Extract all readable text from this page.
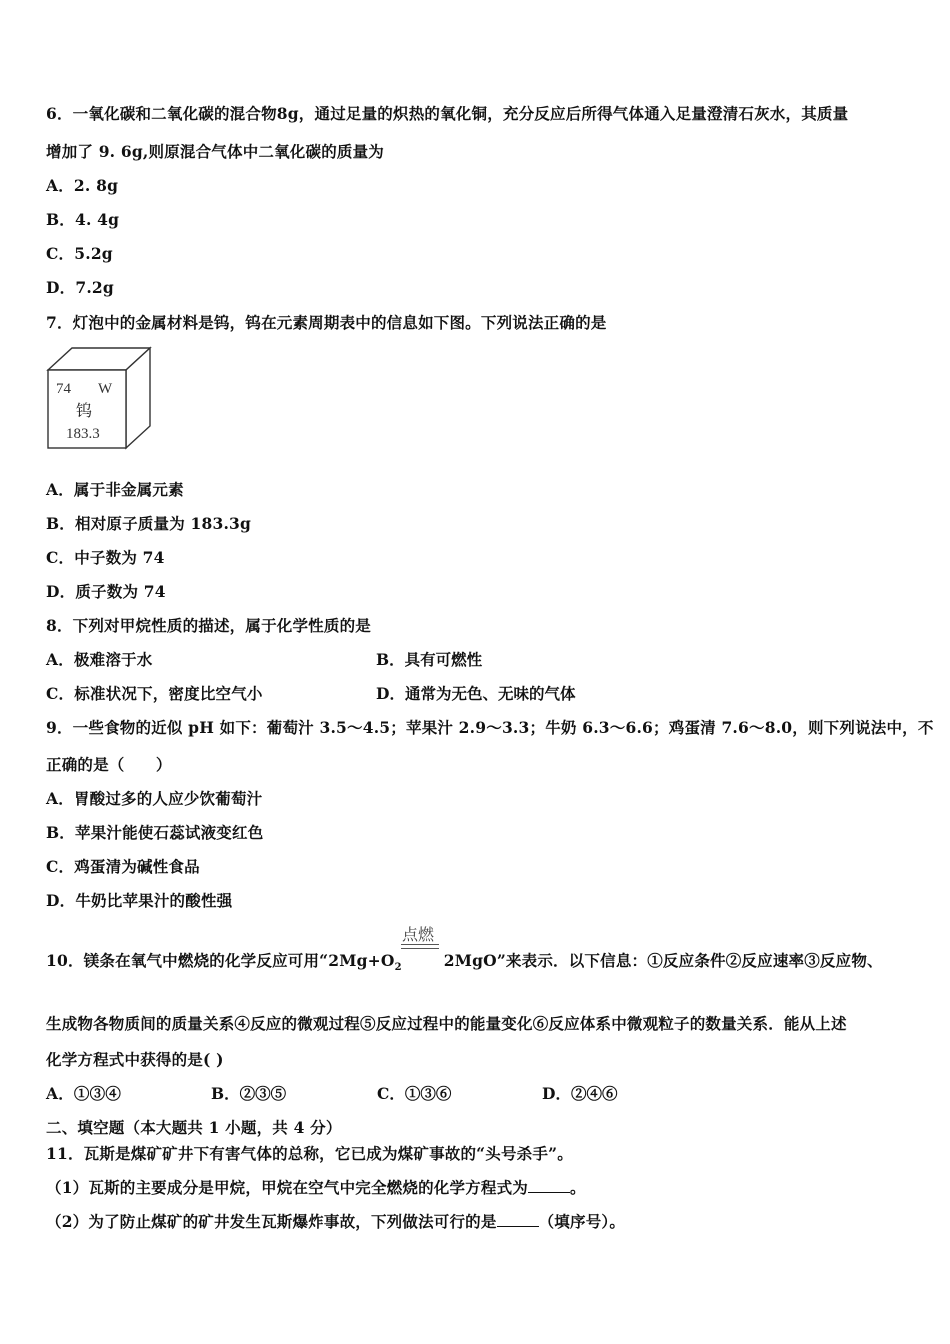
6．一氧化碳和二氧化碳的混合物8g，通过足量的炽热的氧化铜，充分反应后所得气体通入足量澄清石灰水，其质量
增加了 9. 6g,则原混合气体中二氧化碳的质量为
A．2. 8g
B．4. 4g
C．5.2g
D．7.2g
7．灯泡中的金属材料是钨，钨在元素周期表中的信息如下图。下列说法正确的是
74 W
钨
183.3
A．属于非金属元素
B．相对原子质量为 183.3g
C．中子数为 74
D．质子数为 74
8．下列对甲烷性质的描述，属于化学性质的是
A．极难溶于水	B．具有可燃性
C．标准状况下，密度比空气小	D．通常为无色、无味的气体
9．一些食物的近似 pH 如下：葡萄汁 3.5～4.5；苹果汁 2.9～3.3；牛奶 6.3～6.6；鸡蛋清 7.6～8.0，则下列说法中，不
正确的是（　　）
A．胃酸过多的人应少饮葡萄汁
B．苹果汁能使石蕊试液变红色
C．鸡蛋清为碱性食品
D．牛奶比苹果汁的酸性强
点燃
10．镁条在氧气中燃烧的化学反应可用“$2Mg+O_2$	2MgO”来表示．以下信息：①反应条件②反应速率③反应物、
生成物各物质间的质量关系④反应的微观过程⑤反应过程中的能量变化⑥反应体系中微观粒子的数量关系．能从上述
化学方程式中获得的是( )
A．①③④	B．②③⑤	C．①③⑥	D．②④⑥
二、填空题（本大题共 1 小题，共 4 分）
11．瓦斯是煤矿矿井下有害气体的总称，它已成为煤矿事故的“头号杀手”。
（1）瓦斯的主要成分是甲烷，甲烷在空气中完全燃烧的化学方程式为	。
（2）为了防止煤矿的矿井发生瓦斯爆炸事故，下列做法可行的是	（填序号）。
